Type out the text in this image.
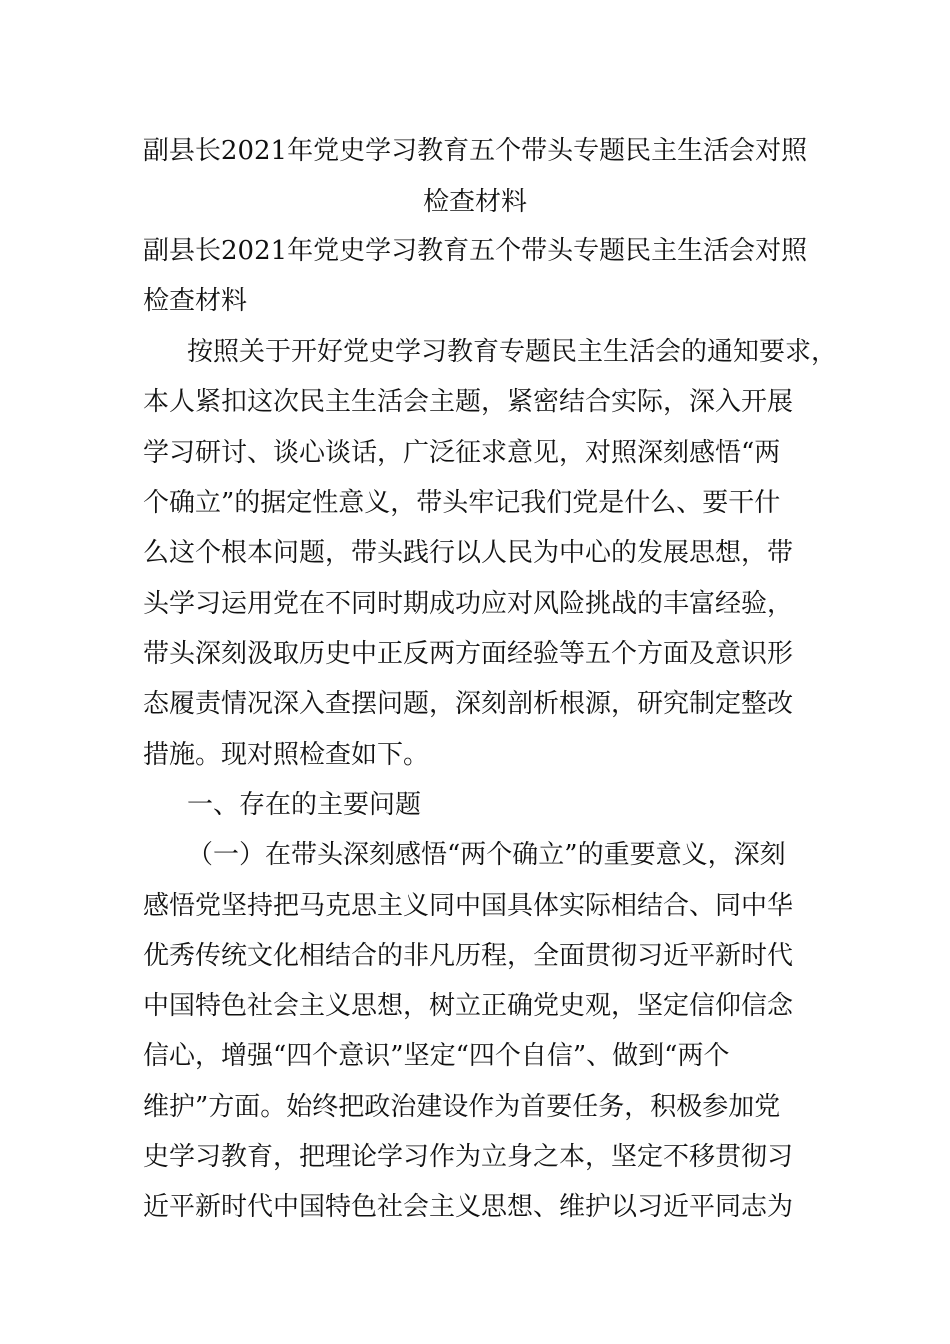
副县长2021年党史学习教育五个带头专题民主生活会对照
检查材料
副县长2021年党史学习教育五个带头专题民主生活会对照
检查材料
按照关于开好党史学习教育专题民主生活会的通知要求，
本人紧扣这次民主生活会主题，紧密结合实际，深入开展
学习研讨、谈心谈话，广泛征求意见，对照深刻感悟“两
个确立”的据定性意义，带头牢记我们党是什么、要干什
么这个根本问题，带头践行以人民为中心的发展思想，带
头学习运用党在不同时期成功应对风险挑战的丰富经验，
带头深刻汲取历史中正反两方面经验等五个方面及意识形
态履责情况深入查摆问题，深刻剖析根源，研究制定整改
措施。现对照检查如下。
一、存在的主要问题
（一）在带头深刻感悟“两个确立”的重要意义，深刻
感悟党坚持把马克思主义同中国具体实际相结合、同中华
优秀传统文化相结合的非凡历程，全面贯彻习近平新时代
中国特色社会主义思想，树立正确党史观，坚定信仰信念
信心，增强“四个意识”坚定“四个自信”、做到“两个
维护”方面。始终把政治建设作为首要任务，积极参加党
史学习教育，把理论学习作为立身之本，坚定不移贯彻习
近平新时代中国特色社会主义思想、维护以习近平同志为
